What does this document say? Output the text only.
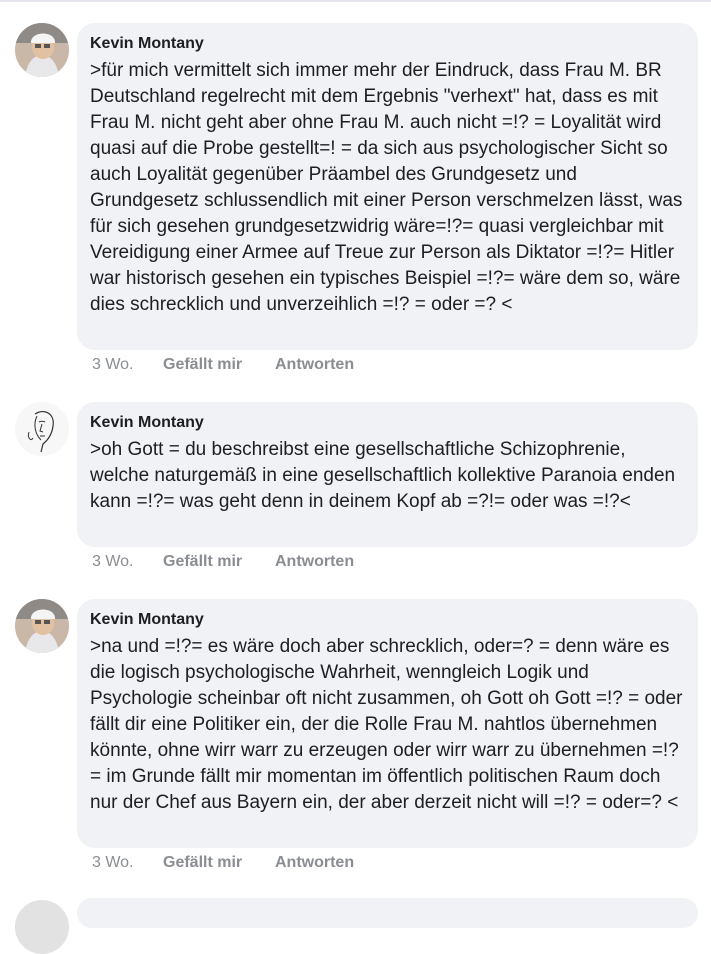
Kevin Montany
>für mich vermittelt sich immer mehr der Eindruck, dass Frau M. BR Deutschland regelrecht mit dem Ergebnis "verhext" hat, dass es mit Frau M. nicht geht aber ohne Frau M. auch nicht =!? = Loyalität wird quasi auf die Probe gestellt=! = da sich aus psychologischer Sicht so auch Loyalität gegenüber Präambel des Grundgesetz und Grundgesetz schlussendlich mit einer Person verschmelzen lässt, was für sich gesehen grundgesetzwidrig wäre=!?= quasi vergleichbar mit Vereidigung einer Armee auf Treue zur Person als Diktator =!?= Hitler war historisch gesehen ein typisches Beispiel =!?= wäre dem so, wäre dies schrecklich und unverzeihlich =!? = oder =? <
3 Wo. Gefällt mir Antworten
Kevin Montany
>oh Gott = du beschreibst eine gesellschaftliche Schizophrenie, welche naturgemäß in eine gesellschaftlich kollektive Paranoia enden kann =!?= was geht denn in deinem Kopf ab =?!= oder was =!?<
3 Wo. Gefällt mir Antworten
Kevin Montany
>na und =!?= es wäre doch aber schrecklich, oder=? = denn wäre es die logisch psychologische Wahrheit, wenngleich Logik und Psychologie scheinbar oft nicht zusammen, oh Gott oh Gott =!? = oder fällt dir eine Politiker ein, der die Rolle Frau M. nahtlos übernehmen könnte, ohne wirr warr zu erzeugen oder wirr warr zu übernehmen =!? = im Grunde fällt mir momentan im öffentlich politischen Raum doch nur der Chef aus Bayern ein, der aber derzeit nicht will =!? = oder=? <
3 Wo. Gefällt mir Antworten
